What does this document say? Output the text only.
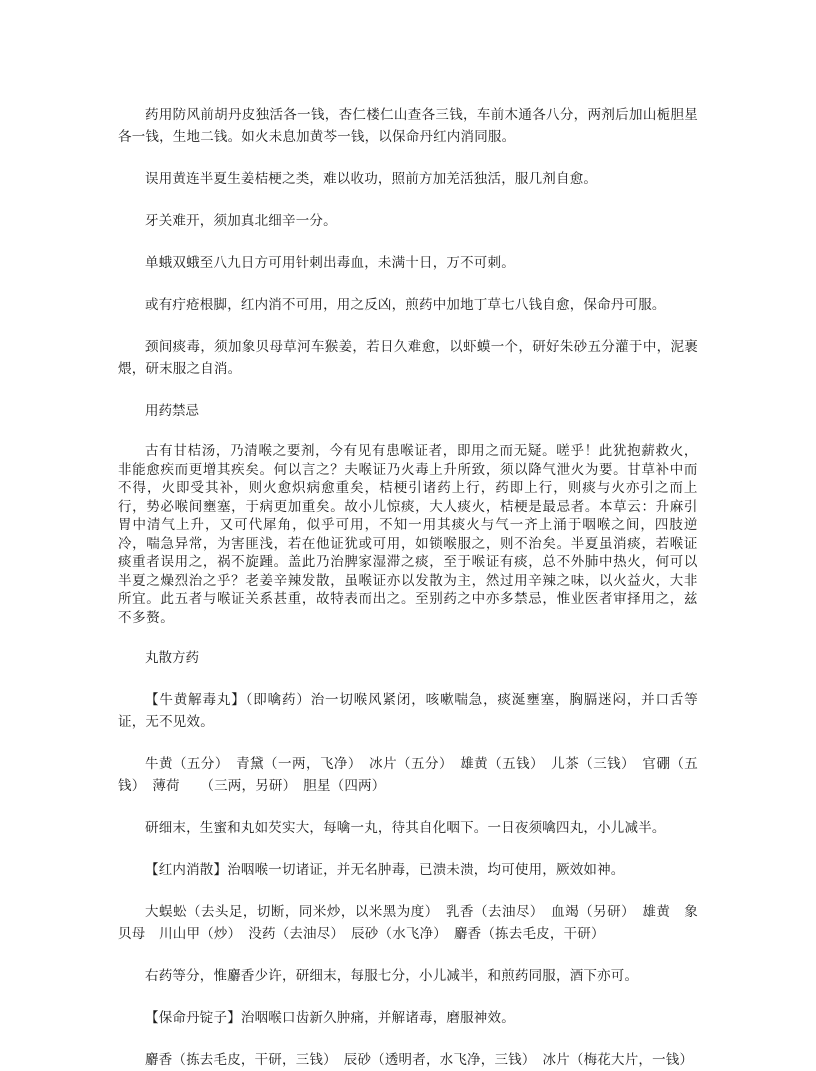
药用防风前胡丹皮独活各一钱，杏仁楼仁山查各三钱，车前木通各八分，两剂后加山栀胆星各一钱，生地二钱。如火未息加黄芩一钱，以保命丹红内消同服。

误用黄连半夏生姜桔梗之类，难以收功，照前方加羌活独活，服几剂自愈。

牙关难开，须加真北细辛一分。

单蛾双蛾至八九日方可用针刺出毒血，未满十日，万不可刺。

或有疔疮根脚，红内消不可用，用之反凶，煎药中加地丁草七八钱自愈，保命丹可服。

颈间痰毒，须加象贝母草河车猴姜，若日久难愈，以虾蟆一个，研好朱砂五分灌于中，泥裹煨，研末服之自消。

用药禁忌

古有甘桔汤，乃清喉之要剂，今有见有患喉证者，即用之而无疑。嗟乎！此犹抱薪救火，非能愈疾而更增其疾矣。何以言之？夫喉证乃火毒上升所致，须以降气泄火为要。甘草补中而不得，火即受其补，则火愈炽病愈重矣，桔梗引诸药上行，药即上行，则痰与火亦引之而上行，势必喉间壅塞，于病更加重矣。故小儿惊痰，大人痰火，桔梗是最忌者。本草云：升麻引胃中清气上升，又可代犀角，似乎可用，不知一用其痰火与气一齐上涌于咽喉之间，四肢逆冷，喘急异常，为害匪浅，若在他证犹或可用，如锁喉服之，则不治矣。半夏虽消痰，若喉证痰重者误用之，祸不旋踵。盖此乃治脾家湿滞之痰，至于喉证有痰，总不外肺中热火，何可以半夏之燥烈治之乎？老姜辛辣发散，虽喉证亦以发散为主，然过用辛辣之味，以火益火，大非所宜。此五者与喉证关系甚重，故特表而出之。至别药之中亦多禁忌，惟业医者审择用之，兹不多赘。

丸散方药

【牛黄解毒丸】（即噙药）治一切喉风紧闭，咳嗽喘急，痰涎壅塞，胸膈迷闷，并口舌等证，无不见效。

牛黄（五分）　青黛（一两，飞净）　冰片（五分）　雄黄（五钱）　儿茶（三钱）　官硼（五钱）　薄荷　　（三两，另研）　胆星（四两）

研细末，生蜜和丸如芡实大，每噙一丸，待其自化咽下。一日夜须噙四丸，小儿减半。

【红内消散】治咽喉一切诸证，并无名肿毒，已溃未溃，均可使用，厥效如神。

大蜈蚣（去头足，切断，同米炒，以米黑为度）　乳香（去油尽）　血竭（另研）　雄黄　象贝母　川山甲（炒）　没药（去油尽）　辰砂（水飞净）　麝香（拣去毛皮，干研）

右药等分，惟麝香少许，研细末，每服七分，小儿减半，和煎药同服，酒下亦可。

【保命丹锭子】治咽喉口齿新久肿痛，并解诸毒，磨服神效。

麝香（拣去毛皮，干研，三钱）　辰砂（透明者，水飞净，三钱）　冰片（梅花大片，一钱）
